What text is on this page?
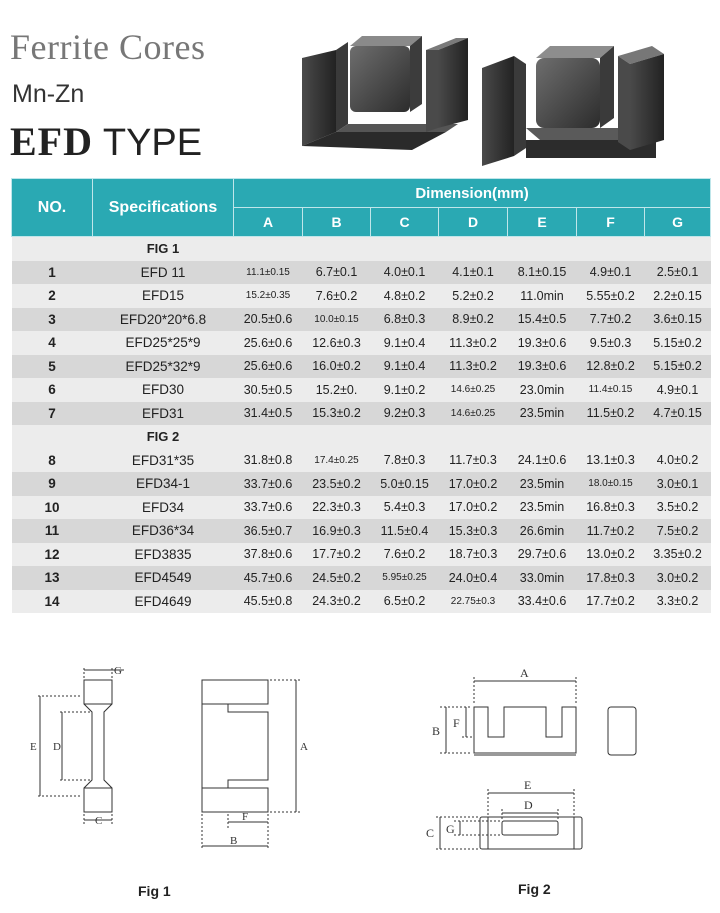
Ferrite Cores
Mn-Zn
EFD TYPE
NO.	Specifications	Dimension(mm)						
		A	B	C	D	E	F	G
	FIG 1							
1	EFD 11	11.1±0.15	6.7±0.1	4.0±0.1	4.1±0.1	8.1±0.15	4.9±0.1	2.5±0.1
2	EFD15	15.2±0.35	7.6±0.2	4.8±0.2	5.2±0.2	11.0min	5.55±0.2	2.2±0.15
3	EFD20*20*6.8	20.5±0.6	10.0±0.15	6.8±0.3	8.9±0.2	15.4±0.5	7.7±0.2	3.6±0.15
4	EFD25*25*9	25.6±0.6	12.6±0.3	9.1±0.4	11.3±0.2	19.3±0.6	9.5±0.3	5.15±0.2
5	EFD25*32*9	25.6±0.6	16.0±0.2	9.1±0.4	11.3±0.2	19.3±0.6	12.8±0.2	5.15±0.2
6	EFD30	30.5±0.5	15.2±0.	9.1±0.2	14.6±0.25	23.0min	11.4±0.15	4.9±0.1
7	EFD31	31.4±0.5	15.3±0.2	9.2±0.3	14.6±0.25	23.5min	11.5±0.2	4.7±0.15
	FIG 2							
8	EFD31*35	31.8±0.8	17.4±0.25	7.8±0.3	11.7±0.3	24.1±0.6	13.1±0.3	4.0±0.2
9	EFD34-1	33.7±0.6	23.5±0.2	5.0±0.15	17.0±0.2	23.5min	18.0±0.15	3.0±0.1
10	EFD34	33.7±0.6	22.3±0.3	5.4±0.3	17.0±0.2	23.5min	16.8±0.3	3.5±0.2
11	EFD36*34	36.5±0.7	16.9±0.3	11.5±0.4	15.3±0.3	26.6min	11.7±0.2	7.5±0.2
12	EFD3835	37.8±0.6	17.7±0.2	7.6±0.2	18.7±0.3	29.7±0.6	13.0±0.2	3.35±0.2
13	EFD4549	45.7±0.6	24.5±0.2	5.95±0.25	24.0±0.4	33.0min	17.8±0.3	3.0±0.2
14	EFD4649	45.5±0.8	24.3±0.2	6.5±0.2	22.75±0.3	33.4±0.6	17.7±0.2	3.3±0.2
G
E D
C
A
F
B
A
B
F
E
D
C G
Fig 1	Fig 2
